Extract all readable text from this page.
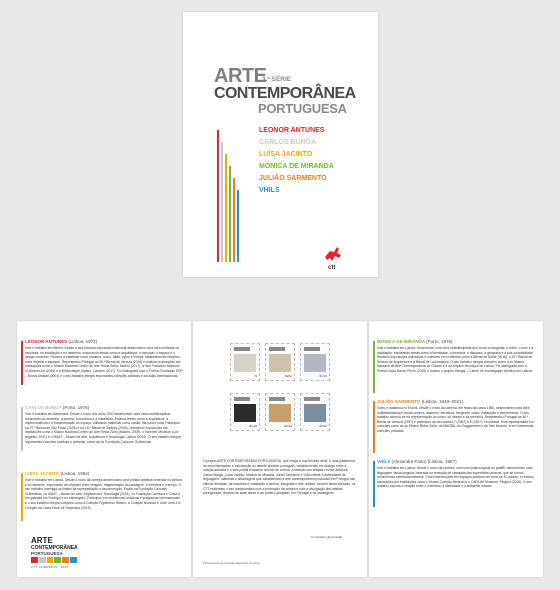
ARTE
3.ª SÉRIE
CONTEMPORÂNEA
PORTUGUESA
LEONOR ANTUNES
CARLOS BUNGA
LUÍSA JACINTO
MÓNICA DE MIRANDA
JULIÃO SARMENTO
VHILS
ctt
LEONOR ANTUNES (Lisboa, 1972)
Vive e trabalha em Berlim. Desde a sua primeira exposição individual desenvolveu uma obra centrada na escultura, na instalação e no desenho, explorando temas como a arquitetura, o mercado, o espaço e o design moderno. Recorre a materiais como madeira, couro, latão, nylon e cortiça, estabelecendo relações entre objetos e espaços. Representou Portugal na 58.ª Bienal de Veneza (2019) e realizou exposições em instituições como o Museo Nacional Centro de Arte Reina Sofía, Madrid (2017), a San Francisco Museum of Modern Art (2016) e a Whitechapel Gallery, Londres (2017). Foi distinguida com o Prémio Fundação EDP – Novos Artistas (2001) e o seu trabalho integra importantes coleções públicas e privadas internacionais.
CARLOS BUNGA (Porto, 1976)
Vive e trabalha em Barcelona. Desde o início dos anos 2000 desenvolveu uma obra multidisciplinar, recorrendo ao desenho, à pintura, à escultura e à instalação. Explora temas como a arquitetura, a impermanência e a transformação do espaço, utilizando materiais como cartão, fita-cola e tinta. Participou na 27.ª Bienal de São Paulo (2006) e na 16.ª Bienal de Sydney (2008), realizando exposições em instituições como o Museo Nacional Centro de Arte Reina Sofía (Madrid, 2009), o Hammer Museum (Los Angeles, 2011) e o MAAT – Museu de Arte, Arquitetura e Tecnologia, Lisboa (2022). O seu trabalho integra importantes coleções públicas e privadas, como as da Fundação Calouste Gulbenkian.
LUÍSA JACINTO (Lisboa, 1984)
Vive e trabalha em Lisboa. Desde o início da carreira desenvolveu uma prática artística centrada na pintura e no desenho, explorando as relações entre imagem, fragmentação da paisagem, a memória e o tempo. O seu trabalho investiga os limites da representação e da percepção. Expôs na Fundação Calouste Gulbenkian, no MAAT – Museu de Arte, Arquitetura e Tecnologia (2024), na Fundação Carmona e Costa e em galerias em Portugal e no estrangeiro. Participou em residências artísticas e programas internacionais, e o seu trabalho integra coleções como a Coleção Figueiredo Ribeiro, a Coleção Norlinda e José Lima e a Coleção da Caixa Geral de Depósitos (2019).
ARTE
CONTEMPORÂNEA
PORTUGUESA
CTT CORREIOS · 2024
N	N20g	€1,10
€1,10	€2,40	€3,00
O projeto ARTE CONTEMPORÂNEA PORTUGUESA, que chega à sua terceira série, é uma plataforma de reconhecimento e valorização do talento artístico português, estabelecendo um diálogo entre a criação artística e o selo postal enquanto veículo de cultura. A seleção dos artistas Leonor Antunes, Carlos Bunga, Luísa Jacinto, Mónica de Miranda, Julião Sarmento e Vhils reflete a diversidade de linguagens, materiais e abordagens que caracterizam a arte contemporânea produzida em Portugal nas últimas décadas, da escultura e instalação à pintura, fotografia e arte urbana. Através desta emissão, os CTT reafirmam o seu compromisso com a promoção da cultura e com a divulgação dos artistas portugueses, levando as suas obras a um público alargado, em Portugal e no estrangeiro.
Comissário da emissão
Ficha técnica da emissão disponível no verso
MÓNICA DE MIRANDA (Porto, 1976)
Vive e trabalha em Lisboa. Desenvolve uma obra multidisciplinar que cruza a fotografia, o vídeo, o som e a instalação, explorando temas como a identidade, a memória, a diáspora, a geografia e a pós-colonialidade. Realizou exposições individuais e coletivas em contextos como a Bienal de Dakar (2018), a 14.ª Bienal de Veneza de Arquitetura e a Bienal de Lubumbashi. O seu trabalho integra coleções como a do Museu Nacional de Arte Contemporânea do Chiado e a do Arquivo Municipal de Lisboa. Foi distinguida com o Prémio Novo Banco Photo (2016) e fundou o projeto Hangar – Centro de Investigação Artística em Lisboa.
JULIÃO SARMENTO (Lisboa, 1948–2021)
Viveu e trabalhou no Estoril. Desde o início da carreira, em finais dos anos 1960, desenvolveu uma obra multifacetada que incluiu pintura, desenho, escultura, fotografia, vídeo, instalação e performance. O seu trabalho centrou-se na representação do corpo, do desejo e da memória. Representou Portugal na 46.ª Bienal de Veneza (1997) e participou na documenta 7 (1982) e 8 (1987), em Kassel. Está representado em coleções como as do Museo Reina Sofía, do MACBA, do Guggenheim e da Tate Modern, e em numerosas coleções privadas.
VHILS (Alexandre Farto) (Lisboa, 1987)
Vive e trabalha em Lisboa. Desde o início da carreira, com uma prática ligada ao graffiti, desenvolveu uma linguagem visual singular, baseada na remoção de camadas das superfícies urbanas, que se tornou reconhecida internacionalmente. Criou intervenções em espaços públicos em mais de 40 países, e realizou exposições em instituições como o Museu Coleção Berardo e o CAFA Art Museum, Pequim (2018). O seu trabalho explora a relação entre o indivíduo, a identidade e o ambiente urbano.
